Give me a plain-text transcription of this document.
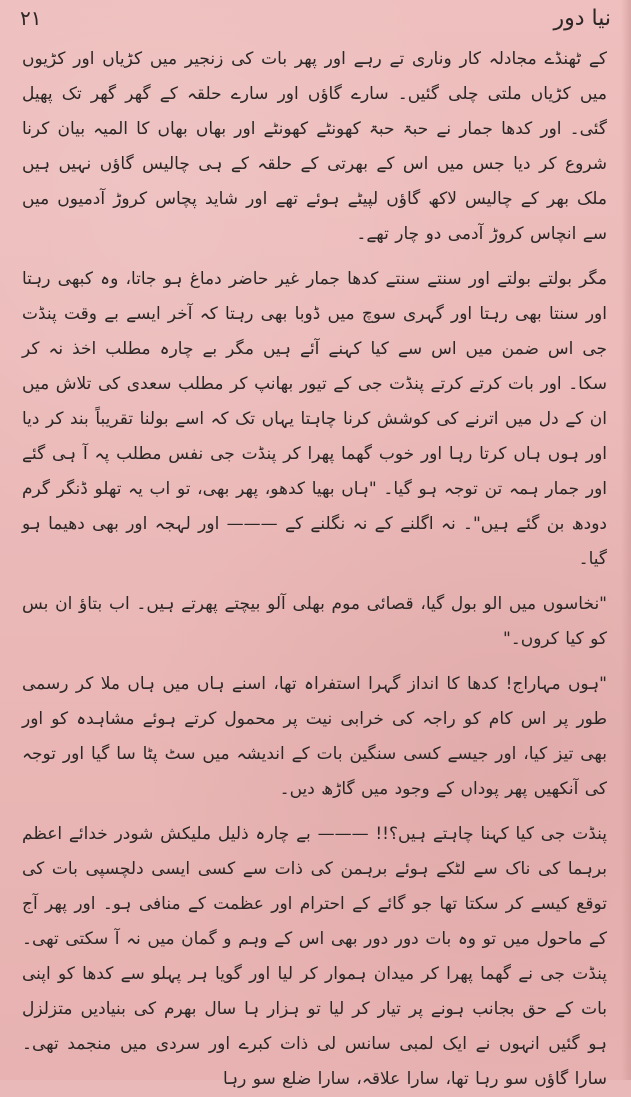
نیا دور
۲۱

کے ٹھنڈے مجادلہ کار وناری تے رہے اور پھر بات کی زنجیر میں کڑیاں اور کڑیوں میں کڑیاں ملتی چلی گئیں۔ سارے گاؤں اور سارے حلقہ کے گھر گھر تک پھیل گئی۔ اور کدھا جمار نے حبۃ حبۃ کھونٹے کھونٹے اور بھاں بھاں کا المیہ بیان کرنا شروع کر دیا جس میں اس کے بھرتی کے حلقہ کے ہی چالیس گاؤں نہیں ہیں ملک بھر کے چالیس لاکھ گاؤں لپیٹے ہوئے تھے اور شاید پچاس کروڑ آدمیوں میں سے انچاس کروڑ آدمی دو چار تھے۔

مگر بولتے بولتے اور سنتے سنتے کدھا جمار غیر حاضر دماغ ہو جاتا، وہ کبھی رہتا اور سنتا بھی رہتا اور گہری سوچ میں ڈوبا بھی رہتا کہ آخر ایسے بے وقت پنڈت جی اس ضمن میں اس سے کیا کہنے آئے ہیں مگر بے چارہ مطلب اخذ نہ کر سکا۔ اور بات کرتے کرتے پنڈت جی کے تیور بھانپ کر مطلب سعدی کی تلاش میں ان کے دل میں اترنے کی کوشش کرنا چاہتا یہاں تک کہ اسے بولنا تقریباً بند کر دیا اور ہوں ہاں کرتا رہا اور خوب گھما پھرا کر پنڈت جی نفس مطلب پہ آ ہی گئے اور جمار ہمہ تن توجہ ہو گیا۔ "ہاں بھیا کدھو، پھر بھی، تو اب یہ تھلو ڈنگر گرم دودھ بن گئے ہیں"۔ نہ اگلنے کے نہ نگلنے کے ——— اور لہجہ اور بھی دھیما ہو گیا۔

"نخاسوں میں الو بول گیا، قصائی موم بھلی آلو بیچتے پھرتے ہیں۔ اب بتاؤ ان بس کو کیا کروں۔"

"ہوں مہاراج! کدھا کا انداز گہرا استفراہ تھا، اسنے ہاں میں ہاں ملا کر رسمی طور پر اس کام کو راجہ کی خرابی نیت پر محمول کرتے ہوئے مشاہدہ کو اور بھی تیز کیا، اور جیسے کسی سنگین بات کے اندیشہ میں سٹ پٹا سا گیا اور توجہ کی آنکھیں پھر پوداں کے وجود میں گاڑھ دیں۔

پنڈت جی کیا کہنا چاہتے ہیں؟!! ——— بے چارہ ذلیل ملیکش شودر خدائے اعظم برہما کی ناک سے لٹکے ہوئے برہمن کی ذات سے کسی ایسی دلچسپی بات کی توقع کیسے کر سکتا تھا جو گائے کے احترام اور عظمت کے منافی ہو۔ اور پھر آج کے ماحول میں تو وہ بات دور دور بھی اس کے وہم و گمان میں نہ آ سکتی تھی۔ پنڈت جی نے گھما پھرا کر میدان ہموار کر لیا اور گویا ہر پہلو سے کدھا کو اپنی بات کے حق بجانب ہونے پر تیار کر لیا تو ہزار ہا سال بھرم کی بنیادیں متزلزل ہو گئیں انہوں نے ایک لمبی سانس لی ذات کبرے اور سردی میں منجمد تھی۔ سارا گاؤں سو رہا تھا، سارا علاقہ، سارا ضلع سو رہا
